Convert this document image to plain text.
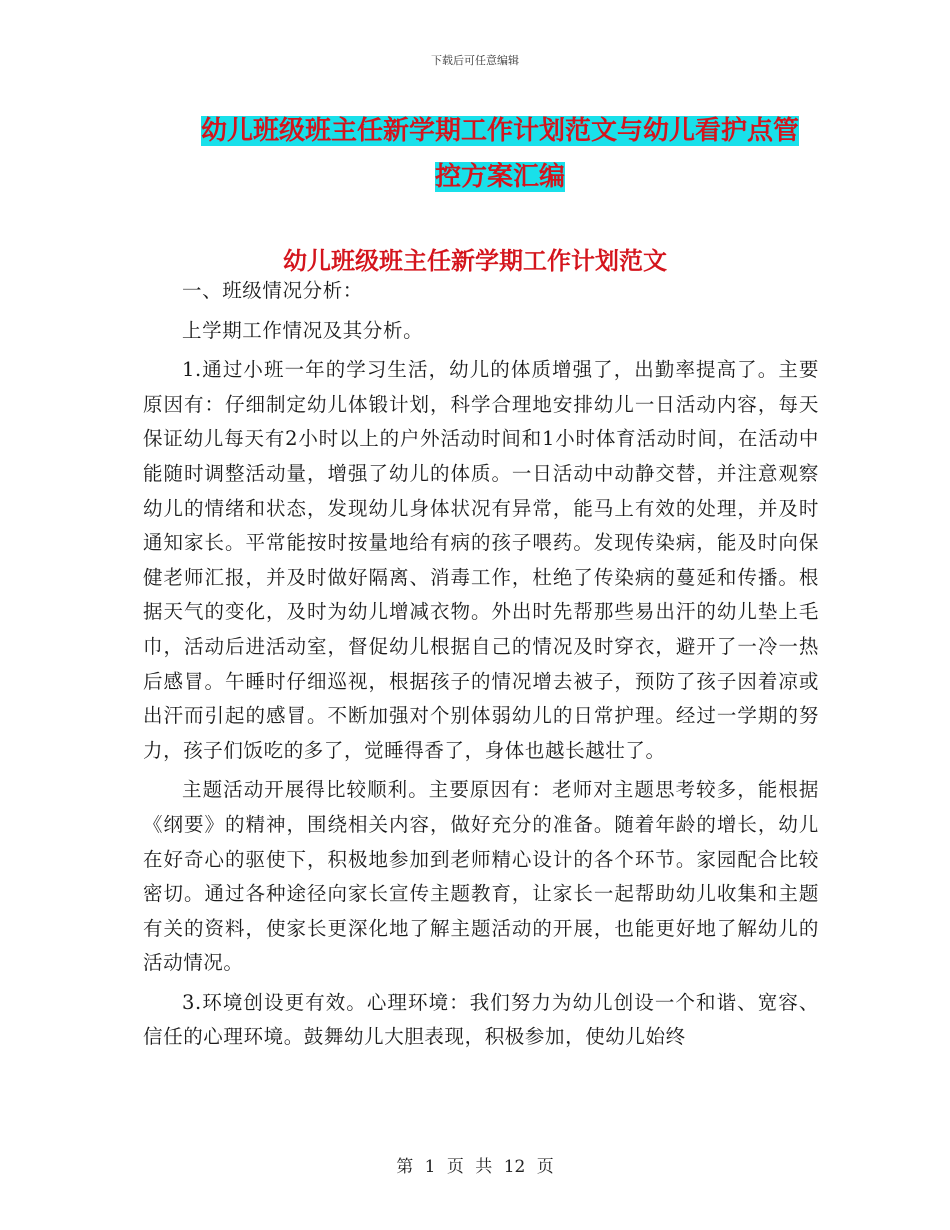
下载后可任意编辑
幼儿班级班主任新学期工作计划范文与幼儿看护点管
控方案汇编
幼儿班级班主任新学期工作计划范文

一、班级情况分析：

上学期工作情况及其分析。

1.通过小班一年的学习生活，幼儿的体质增强了，出勤率提高了。主要原因有：仔细制定幼儿体锻计划，科学合理地安排幼儿一日活动内容，每天保证幼儿每天有2小时以上的户外活动时间和1小时体育活动时间，在活动中能随时调整活动量，增强了幼儿的体质。一日活动中动静交替，并注意观察幼儿的情绪和状态，发现幼儿身体状况有异常，能马上有效的处理，并及时通知家长。平常能按时按量地给有病的孩子喂药。发现传染病，能及时向保健老师汇报，并及时做好隔离、消毒工作，杜绝了传染病的蔓延和传播。根据天气的变化，及时为幼儿增减衣物。外出时先帮那些易出汗的幼儿垫上毛巾，活动后进活动室，督促幼儿根据自己的情况及时穿衣，避开了一冷一热后感冒。午睡时仔细巡视，根据孩子的情况增去被子，预防了孩子因着凉或出汗而引起的感冒。不断加强对个别体弱幼儿的日常护理。经过一学期的努力，孩子们饭吃的多了，觉睡得香了，身体也越长越壮了。

主题活动开展得比较顺利。主要原因有：老师对主题思考较多，能根据《纲要》的精神，围绕相关内容，做好充分的准备。随着年龄的增长，幼儿在好奇心的驱使下，积极地参加到老师精心设计的各个环节。家园配合比较密切。通过各种途径向家长宣传主题教育，让家长一起帮助幼儿收集和主题有关的资料，使家长更深化地了解主题活动的开展，也能更好地了解幼儿的活动情况。

3.环境创设更有效。心理环境：我们努力为幼儿创设一个和谐、宽容、信任的心理环境。鼓舞幼儿大胆表现，积极参加，使幼儿始终

第 1 页 共 12 页
